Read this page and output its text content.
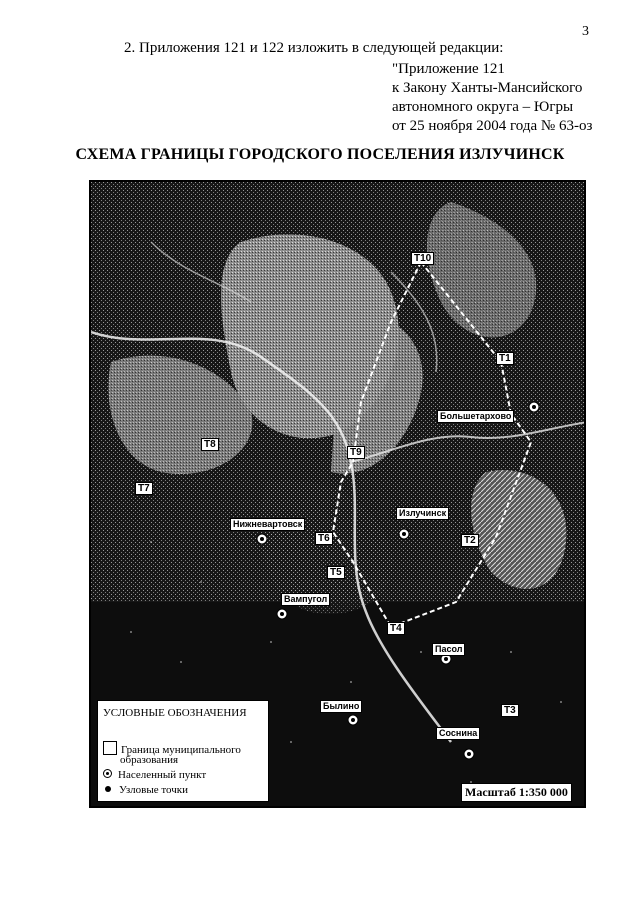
3
2. Приложения 121 и 122 изложить в следующей редакции:
"Приложение 121
к Закону Ханты-Мансийского
автономного округа – Югры
от 25 ноября 2004 года № 63-оз
СХЕМА ГРАНИЦЫ ГОРОДСКОГО ПОСЕЛЕНИЯ ИЗЛУЧИНСК
Большетархово
Нижневартовск
Излучинск
Вампугол
Пасол
Былино
Соснина
Т10
Т1
Т8
Т9
Т7
Т6	Т2
Т5
Т4
Т3
УСЛОВНЫЕ ОБОЗНАЧЕНИЯ
Граница муниципального
образования
Населенный пункт
Узловые точки	Масштаб 1:350 000
